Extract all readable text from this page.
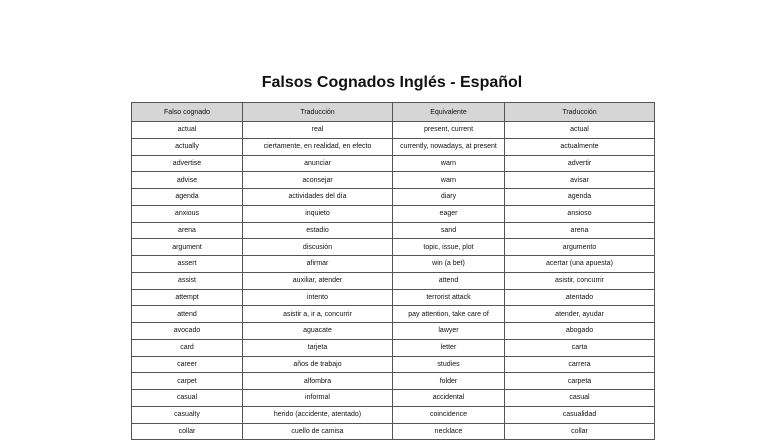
Falsos Cognados Inglés - Español
Falso cognado	Traducción	Equivalente	Traducción
actual	real	present, current	actual
actually	ciertamente, en realidad, en efecto	currently, nowadays, at present	actualmente
advertise	anunciar	warn	advertir
advise	aconsejar	warn	avisar
agenda	actividades del día	diary	agenda
anxious	inquieto	eager	ansioso
arena	estadio	sand	arena
argument	discusión	topic, issue, plot	argumento
assert	afirmar	win (a bet)	acertar (una apuesta)
assist	auxiliar, atender	attend	asistir, concurrir
attempt	intento	terrorist attack	atentado
attend	asistir a, ir a, concurrir	pay attention, take care of	atender, ayudar
avocado	aguacate	lawyer	abogado
card	tarjeta	letter	carta
career	años de trabajo	studies	carrera
carpet	alfombra	folder	carpeta
casual	informal	accidental	casual
casualty	herido (accidente, atentado)	coincidence	casualidad
collar	cuello de camisa	necklace	collar
